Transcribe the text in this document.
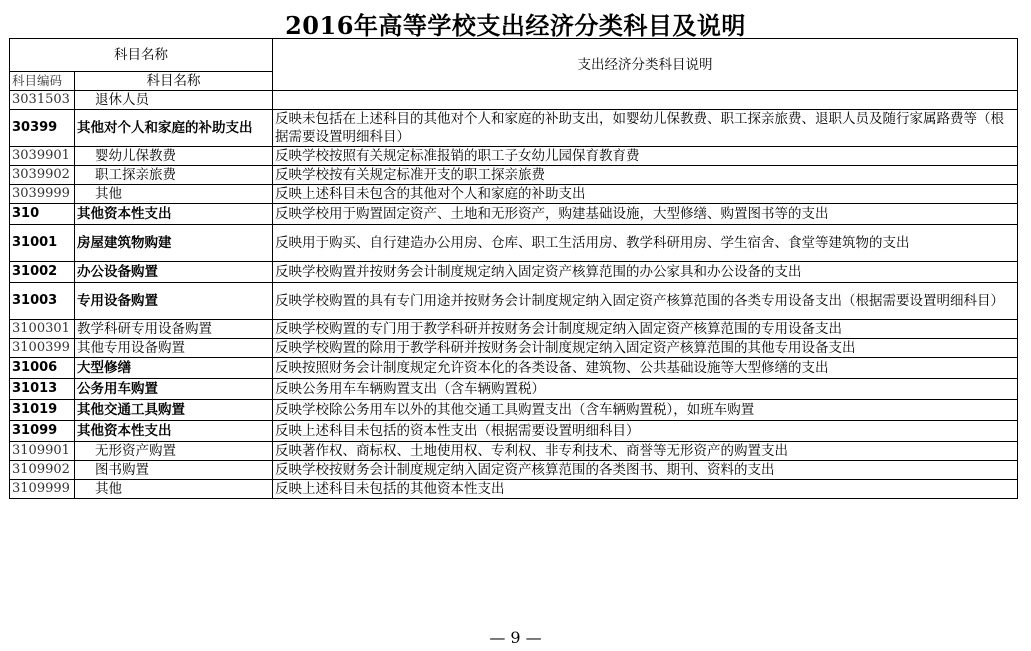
2016年高等学校支出经济分类科目及说明
科目名称		支出经济分类科目说明
科目编码	科目名称	
3031503	退休人员	
30399	其他对个人和家庭的补助支出	反映未包括在上述科目的其他对个人和家庭的补助支出，如婴幼儿保教费、职工探亲旅费、退职人员及随行家属路费等（根据需要设置明细科目）
3039901	婴幼儿保教费	反映学校按照有关规定标准报销的职工子女幼儿园保育教育费
3039902	职工探亲旅费	反映学校按有关规定标准开支的职工探亲旅费
3039999	其他	反映上述科目未包含的其他对个人和家庭的补助支出
310	其他资本性支出	反映学校用于购置固定资产、土地和无形资产，购建基础设施，大型修缮、购置图书等的支出
31001	房屋建筑物购建	反映用于购买、自行建造办公用房、仓库、职工生活用房、教学科研用房、学生宿舍、食堂等建筑物的支出
31002	办公设备购置	反映学校购置并按财务会计制度规定纳入固定资产核算范围的办公家具和办公设备的支出
31003	专用设备购置	反映学校购置的具有专门用途并按财务会计制度规定纳入固定资产核算范围的各类专用设备支出（根据需要设置明细科目）
3100301	教学科研专用设备购置	反映学校购置的专门用于教学科研并按财务会计制度规定纳入固定资产核算范围的专用设备支出
3100399	其他专用设备购置	反映学校购置的除用于教学科研并按财务会计制度规定纳入固定资产核算范围的其他专用设备支出
31006	大型修缮	反映按照财务会计制度规定允许资本化的各类设备、建筑物、公共基础设施等大型修缮的支出
31013	公务用车购置	反映公务用车车辆购置支出（含车辆购置税）
31019	其他交通工具购置	反映学校除公务用车以外的其他交通工具购置支出（含车辆购置税），如班车购置
31099	其他资本性支出	反映上述科目未包括的资本性支出（根据需要设置明细科目）
3109901	无形资产购置	反映著作权、商标权、土地使用权、专利权、非专利技术、商誉等无形资产的购置支出
3109902	图书购置	反映学校按财务会计制度规定纳入固定资产核算范围的各类图书、期刊、资料的支出
3109999	其他	反映上述科目未包括的其他资本性支出
— 9 —
